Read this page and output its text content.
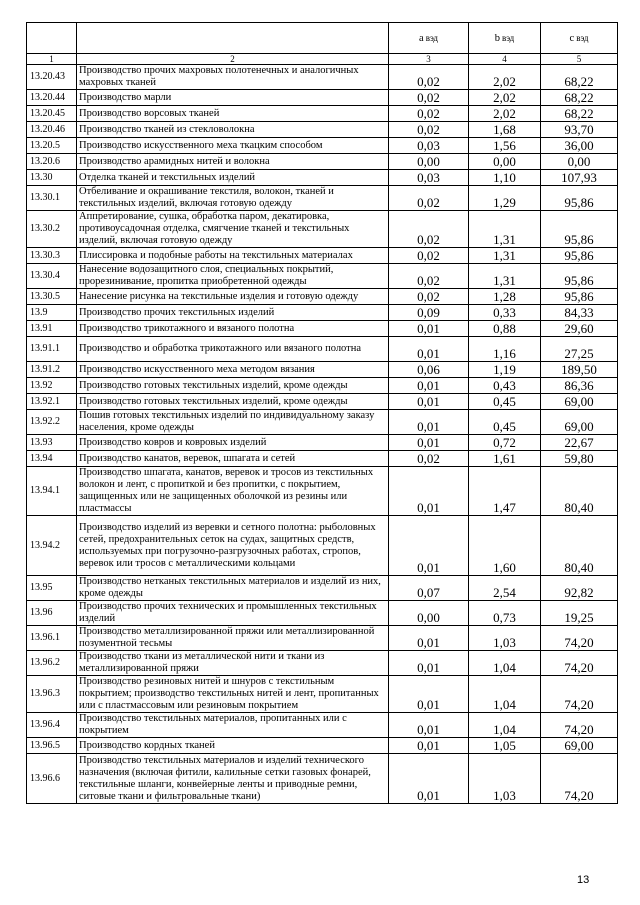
		a вэд	b вэд	c вэд
1	2	3	4	5
13.20.43	Производство прочих махровых полотенечных и аналогичных махровых тканей	0,02	2,02	68,22
13.20.44	Производство марли	0,02	2,02	68,22
13.20.45	Производство ворсовых тканей	0,02	2,02	68,22
13.20.46	Производство тканей из стекловолокна	0,02	1,68	93,70
13.20.5	Производство искусственного меха ткацким способом	0,03	1,56	36,00
13.20.6	Производство арамидных нитей и волокна	0,00	0,00	0,00
13.30	Отделка тканей и текстильных изделий	0,03	1,10	107,93
13.30.1	Отбеливание и окрашивание текстиля, волокон, тканей и текстильных изделий, включая готовую одежду	0,02	1,29	95,86
13.30.2	Аппретирование, сушка, обработка паром, декатировка, противоусадочная отделка, смягчение тканей и текстильных изделий, включая готовую одежду	0,02	1,31	95,86
13.30.3	Плиссировка и подобные работы на текстильных материалах	0,02	1,31	95,86
13.30.4	Нанесение водозащитного слоя, специальных покрытий, прорезинивание, пропитка приобретенной одежды	0,02	1,31	95,86
13.30.5	Нанесение рисунка на текстильные изделия и готовую одежду	0,02	1,28	95,86
13.9	Производство прочих текстильных изделий	0,09	0,33	84,33
13.91	Производство трикотажного и вязаного полотна	0,01	0,88	29,60
13.91.1	Производство и обработка трикотажного или вязаного полотна	0,01	1,16	27,25
13.91.2	Производство искусственного меха методом вязания	0,06	1,19	189,50
13.92	Производство готовых текстильных изделий, кроме одежды	0,01	0,43	86,36
13.92.1	Производство готовых текстильных изделий, кроме одежды	0,01	0,45	69,00
13.92.2	Пошив готовых текстильных изделий по индивидуальному заказу населения, кроме одежды	0,01	0,45	69,00
13.93	Производство ковров и ковровых изделий	0,01	0,72	22,67
13.94	Производство канатов, веревок, шпагата и сетей	0,02	1,61	59,80
13.94.1	Производство шпагата, канатов, веревок и тросов из текстильных волокон и лент, с пропиткой и без пропитки, с покрытием, защищенных или не защищенных оболочкой из резины или пластмассы	0,01	1,47	80,40
13.94.2	Производство изделий из веревки и сетного полотна: рыболовных сетей, предохранительных сеток на судах, защитных средств, используемых при погрузочно-разгрузочных работах, стропов, веревок или тросов с металлическими кольцами	0,01	1,60	80,40
13.95	Производство нетканых текстильных материалов и изделий из них, кроме одежды	0,07	2,54	92,82
13.96	Производство прочих технических и промышленных текстильных изделий	0,00	0,73	19,25
13.96.1	Производство металлизированной пряжи или металлизированной позументной тесьмы	0,01	1,03	74,20
13.96.2	Производство ткани из металлической нити и ткани из металлизированной пряжи	0,01	1,04	74,20
13.96.3	Производство резиновых нитей и шнуров с текстильным покрытием; производство текстильных нитей и лент, пропитанных или с пластмассовым или резиновым покрытием	0,01	1,04	74,20
13.96.4	Производство текстильных материалов, пропитанных или с покрытием	0,01	1,04	74,20
13.96.5	Производство кордных тканей	0,01	1,05	69,00
13.96.6	Производство текстильных материалов и изделий технического назначения (включая фитили, калильные сетки газовых фонарей, текстильные шланги, конвейерные ленты и приводные ремни, ситовые ткани и фильтровальные ткани)	0,01	1,03	74,20
13
